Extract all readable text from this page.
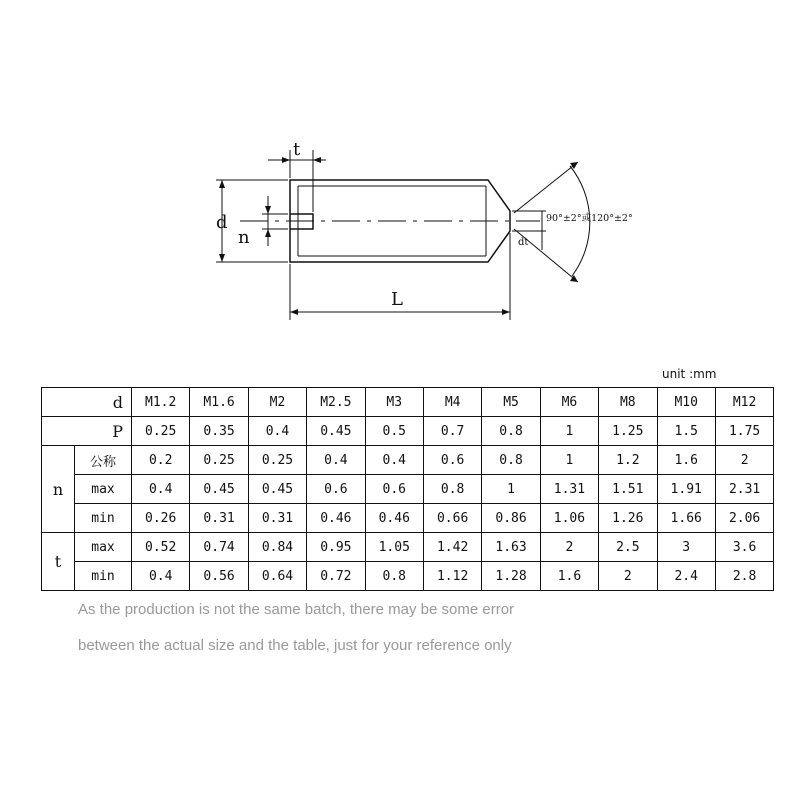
t
d
n
L
dt
90°±2°或120°±2°
unit :mm
d		M1.2	M1.6	M2	M2.5	M3	M4	M5	M6	M8	M10	M12
P		0.25	0.35	0.4	0.45	0.5	0.7	0.8	1	1.25	1.5	1.75
n	公称	0.2	0.25	0.25	0.4	0.4	0.6	0.8	1	1.2	1.6	2
	max	0.4	0.45	0.45	0.6	0.6	0.8	1	1.31	1.51	1.91	2.31
	min	0.26	0.31	0.31	0.46	0.46	0.66	0.86	1.06	1.26	1.66	2.06
t	max	0.52	0.74	0.84	0.95	1.05	1.42	1.63	2	2.5	3	3.6
	min	0.4	0.56	0.64	0.72	0.8	1.12	1.28	1.6	2	2.4	2.8
As the production is not the same batch, there may be some error
between the actual size and the table, just for your reference only
